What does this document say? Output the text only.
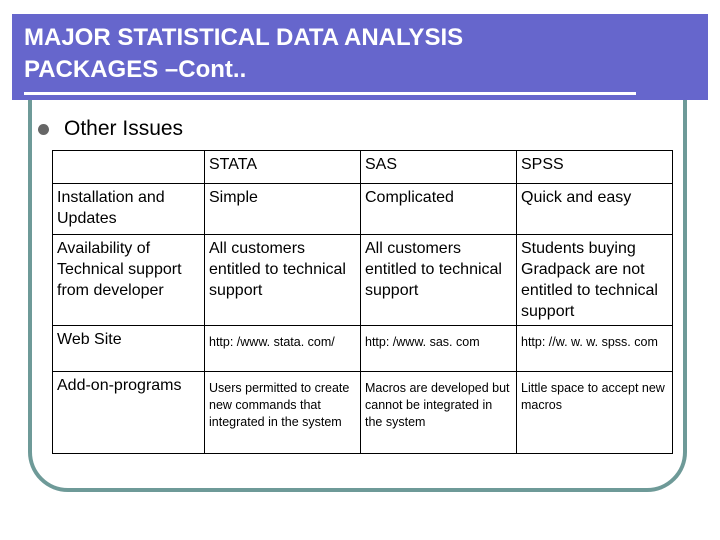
MAJOR STATISTICAL DATA ANALYSIS
PACKAGES –Cont..
Other Issues
	STATA	SAS	SPSS
Installation and Updates	Simple	Complicated	Quick and easy
Availability of Technical support from developer	All customers entitled to technical support	All customers entitled to technical support	Students buying Gradpack are not entitled to technical support
Web Site	http: /www. stata. com/	http: /www. sas. com	http: //w. w. w. spss. com
Add-on-programs	Users permitted to create new commands that integrated in the system	Macros are developed but cannot be integrated in the system	Little space to accept new macros
